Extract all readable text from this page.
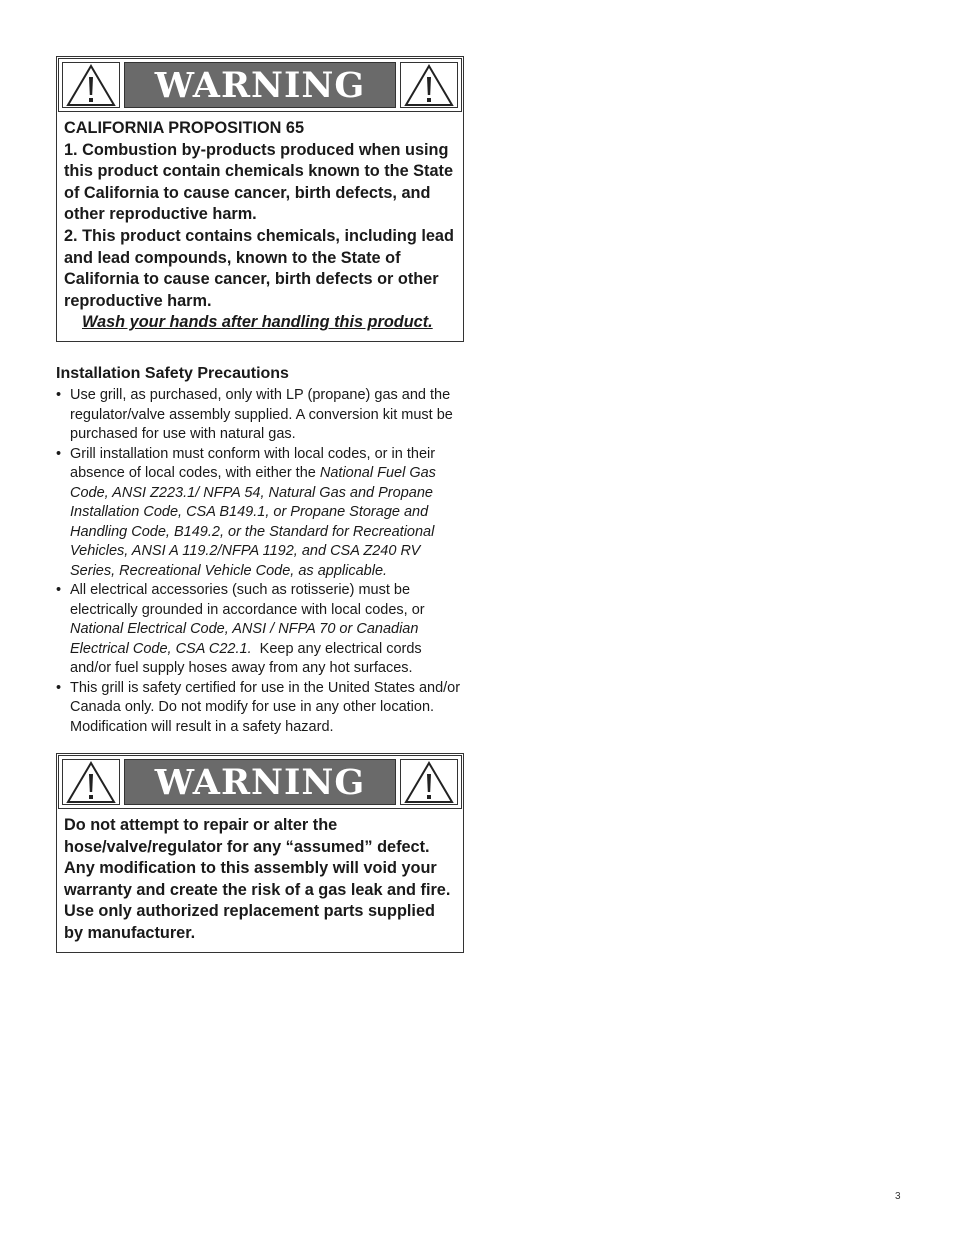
WARNING

CALIFORNIA PROPOSITION 65

1. Combustion by-products produced when using this product contain chemicals known to the State of California to cause cancer, birth defects, and other reproductive harm.

2. This product contains chemicals, including lead and lead compounds, known to the State of California to cause cancer, birth defects or other reproductive harm.

Wash your hands after handling this product.

Installation Safety Precautions
• Use grill, as purchased, only with LP (propane) gas and the regulator/valve assembly supplied. A conversion kit must be purchased for use with natural gas.
• Grill installation must conform with local codes, or in their absence of local codes, with either the National Fuel Gas Code, ANSI Z223.1/ NFPA 54, Natural Gas and Propane Installation Code, CSA B149.1, or Propane Storage and Handling Code, B149.2, or the Standard for Recreational Vehicles, ANSI A 119.2/NFPA 1192, and CSA Z240 RV Series, Recreational Vehicle Code, as applicable.
• All electrical accessories (such as rotisserie) must be electrically grounded in accordance with local codes, or National Electrical Code, ANSI / NFPA 70 or Canadian Electrical Code, CSA C22.1.  Keep any electrical cords and/or fuel supply hoses away from any hot surfaces.
• This grill is safety certified for use in the United States and/or Canada only. Do not modify for use in any other location. Modification will result in a safety hazard.
WARNING

Do not attempt to repair or alter the hose/valve/regulator for any “assumed” defect. Any modification to this assembly will void your warranty and create the risk of a gas leak and fire. Use only authorized replacement parts supplied by manufacturer.

3
